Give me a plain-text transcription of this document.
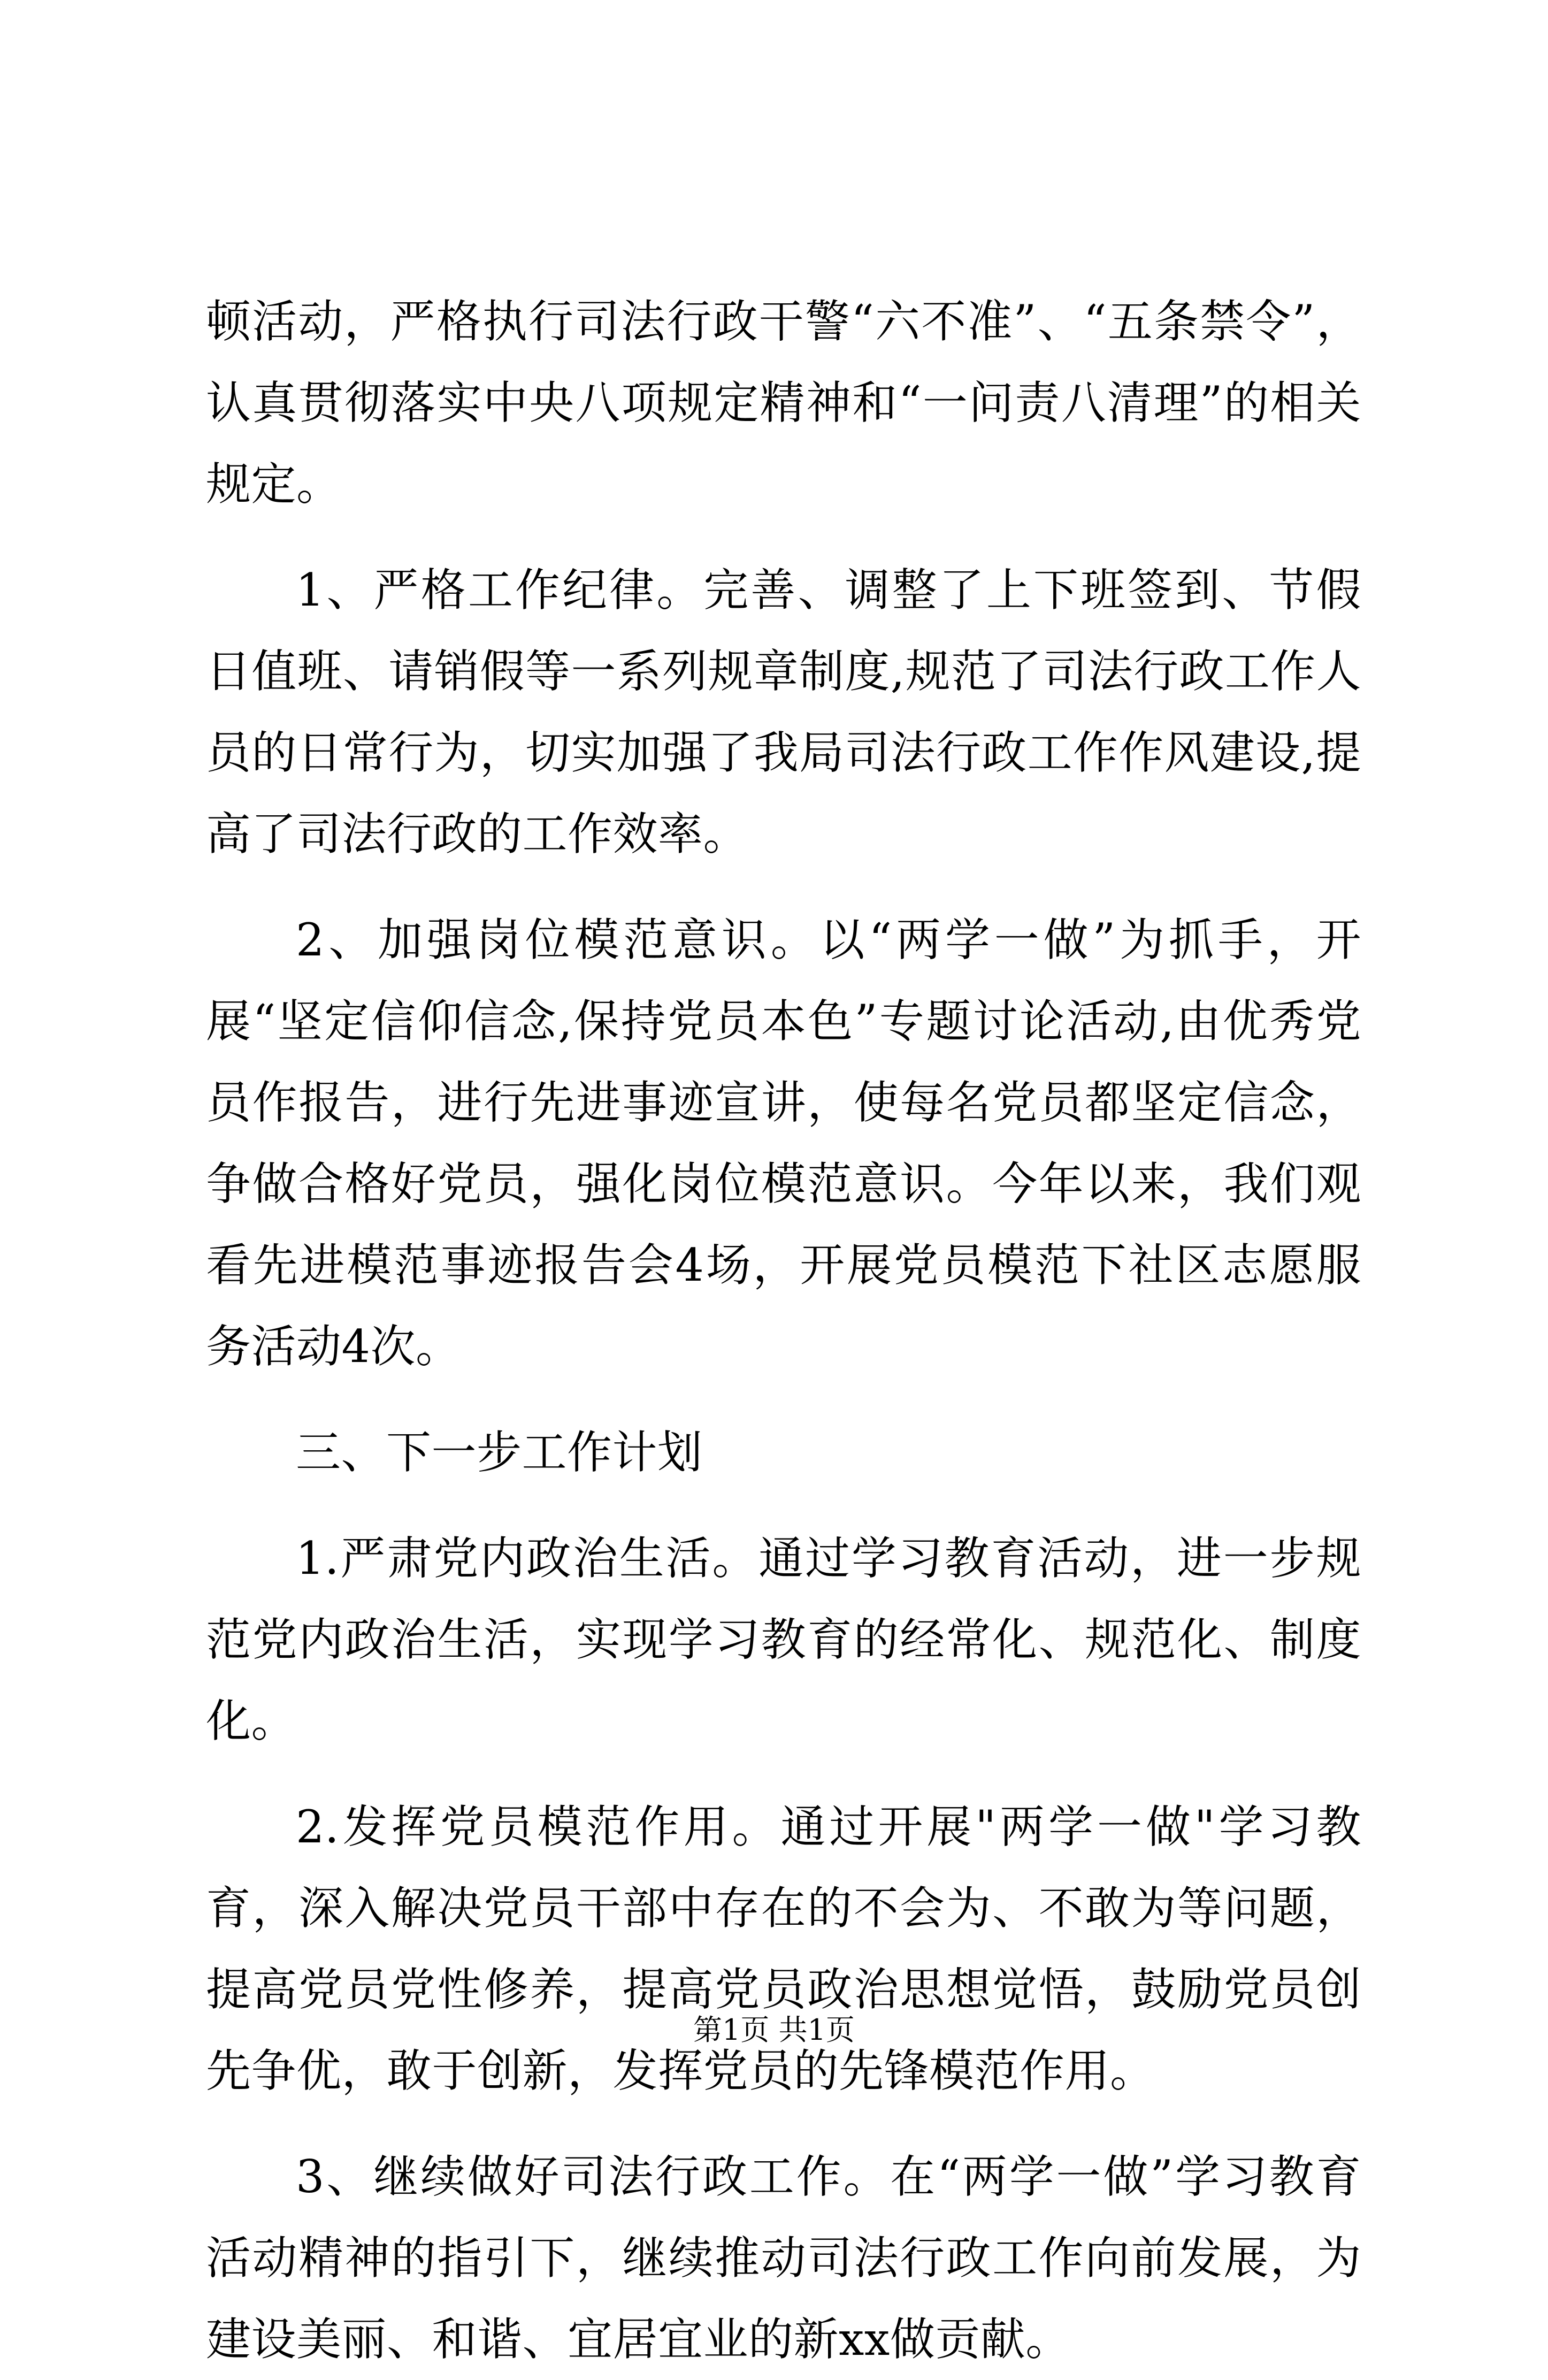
顿活动，严格执行司法行政干警“六不准”、“五条禁令”，认真贯彻落实中央八项规定精神和“一问责八清理”的相关规定。

1、严格工作纪律。完善、调整了上下班签到、节假日值班、请销假等一系列规章制度,规范了司法行政工作人员的日常行为，切实加强了我局司法行政工作作风建设,提高了司法行政的工作效率。

2、加强岗位模范意识。以“两学一做”为抓手，开展“坚定信仰信念,保持党员本色”专题讨论活动,由优秀党员作报告，进行先进事迹宣讲，使每名党员都坚定信念，争做合格好党员，强化岗位模范意识。今年以来，我们观看先进模范事迹报告会4场，开展党员模范下社区志愿服务活动4次。

三、下一步工作计划

1.严肃党内政治生活。通过学习教育活动，进一步规范党内政治生活，实现学习教育的经常化、规范化、制度化。

2.发挥党员模范作用。通过开展"两学一做"学习教育，深入解决党员干部中存在的不会为、不敢为等问题，提高党员党性修养，提高党员政治思想觉悟，鼓励党员创先争优，敢于创新，发挥党员的先锋模范作用。

3、继续做好司法行政工作。在“两学一做”学习教育活动精神的指引下，继续推动司法行政工作向前发展，为建设美丽、和谐、宜居宜业的新xx做贡献。

第1页 共1页
